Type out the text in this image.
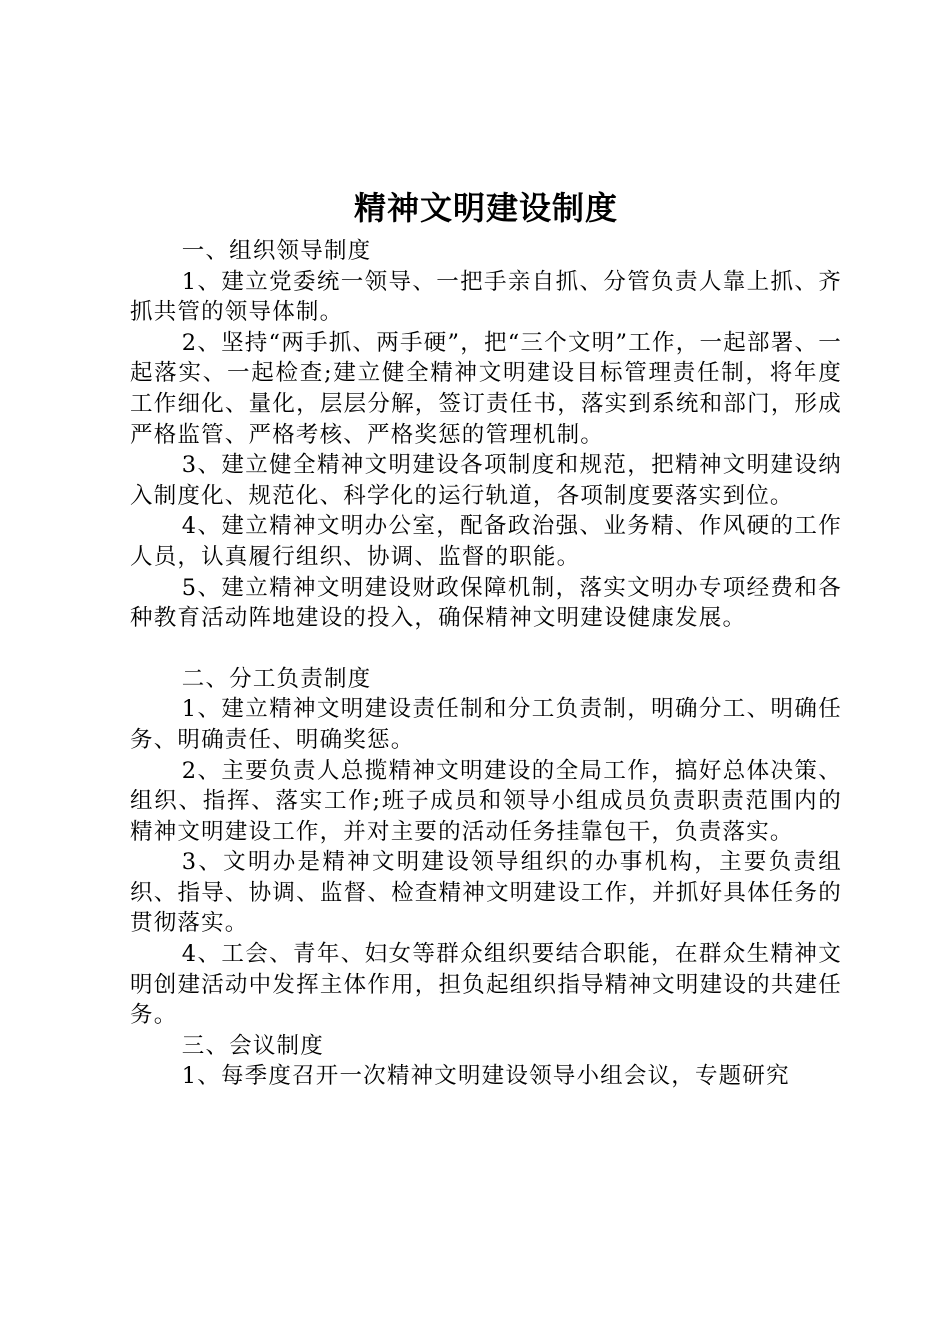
精神文明建设制度

一、组织领导制度

1、建立党委统一领导、一把手亲自抓、分管负责人靠上抓、齐抓共管的领导体制。

2、坚持“两手抓、两手硬”，把“三个文明”工作，一起部署、一起落实、一起检查;建立健全精神文明建设目标管理责任制，将年度工作细化、量化，层层分解，签订责任书，落实到系统和部门，形成严格监管、严格考核、严格奖惩的管理机制。

3、建立健全精神文明建设各项制度和规范，把精神文明建设纳入制度化、规范化、科学化的运行轨道，各项制度要落实到位。

4、建立精神文明办公室，配备政治强、业务精、作风硬的工作人员，认真履行组织、协调、监督的职能。

5、建立精神文明建设财政保障机制，落实文明办专项经费和各种教育活动阵地建设的投入，确保精神文明建设健康发展。

二、分工负责制度

1、建立精神文明建设责任制和分工负责制，明确分工、明确任务、明确责任、明确奖惩。

2、主要负责人总揽精神文明建设的全局工作，搞好总体决策、组织、指挥、落实工作;班子成员和领导小组成员负责职责范围内的精神文明建设工作，并对主要的活动任务挂靠包干，负责落实。

3、文明办是精神文明建设领导组织的办事机构，主要负责组织、指导、协调、监督、检查精神文明建设工作，并抓好具体任务的贯彻落实。

4、工会、青年、妇女等群众组织要结合职能，在群众生精神文明创建活动中发挥主体作用，担负起组织指导精神文明建设的共建任务。

三、会议制度

1、每季度召开一次精神文明建设领导小组会议，专题研究
